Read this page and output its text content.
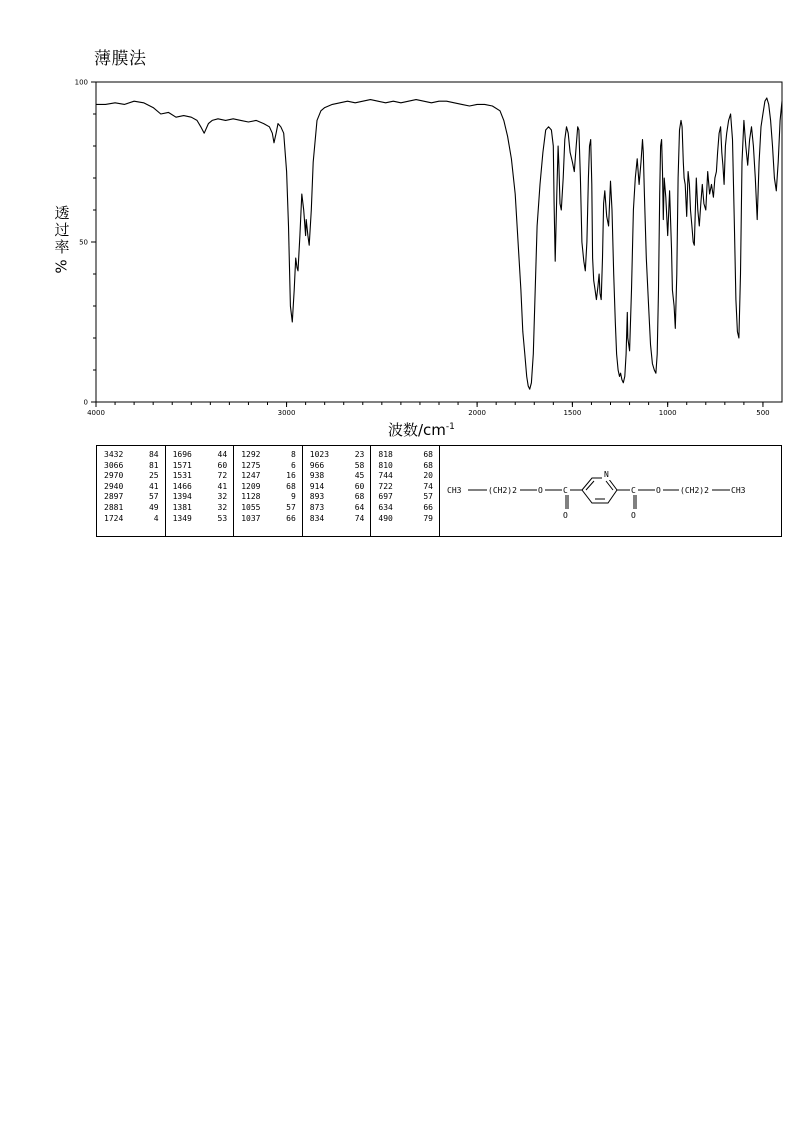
薄膜法
透
过
率
%
4000	3000	2000	1500	1000	500
0
50
100
波数$/cm^{-1}$
3432	84
3066	81
2970	25
2940	41
2897	57
2881	49
1724	4
1696	44
1571	60
1531	72
1466	41
1394	32
1381	32
1349	53
1292	8
1275	6
1247	16
1209	68
1128	9
1055	57
1037	66
1023	23
966	58
938	45
914	60
893	68
873	64
834	74
818	68
810	68
744	20
722	74
697	57
634	66
490	79
CH3	(CH2)2	O	C
O
N
C
O
O (CH2)2	CH3
